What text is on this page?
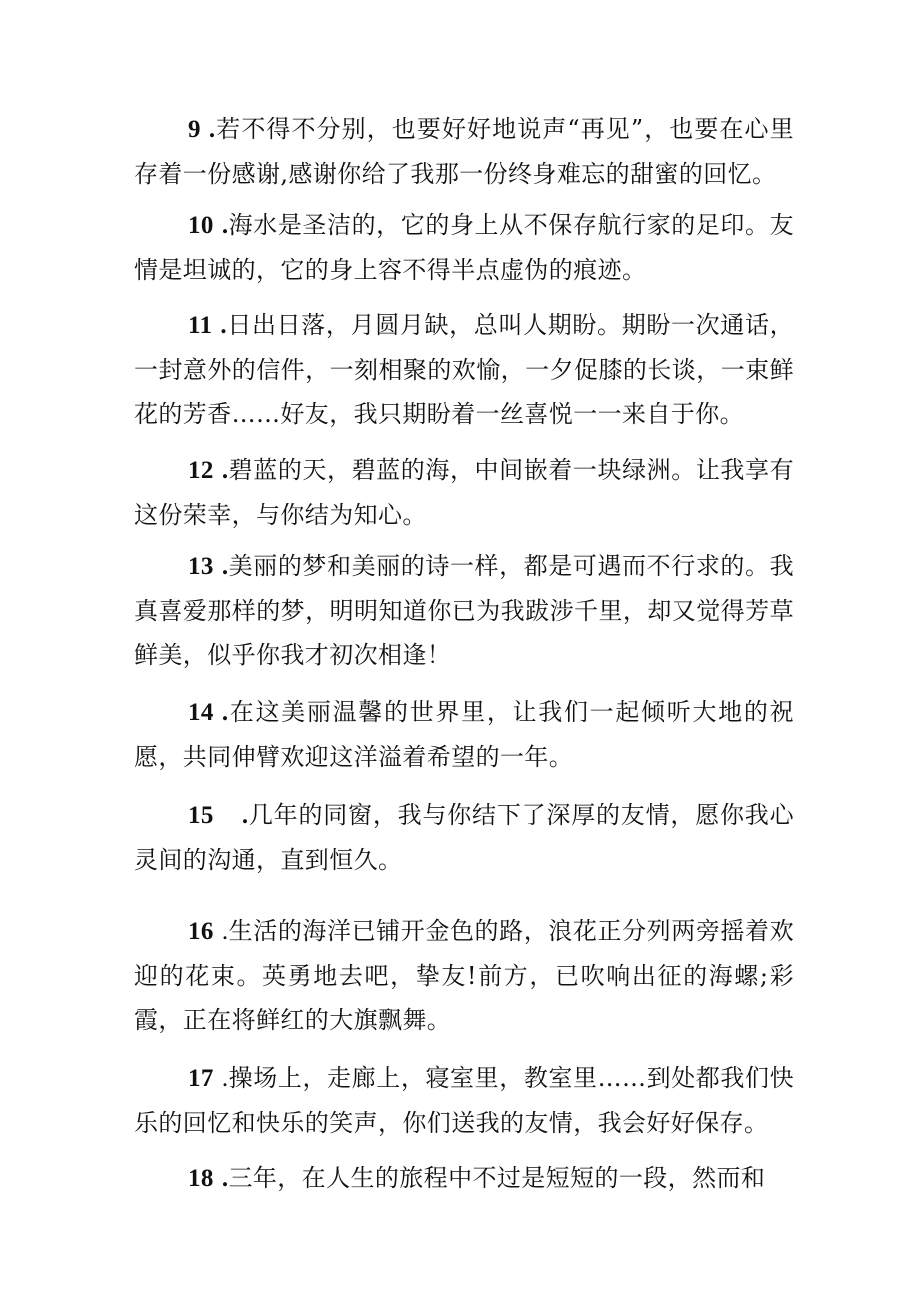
9 .若不得不分别，也要好好地说声“再见”，也要在心里存着一份感谢,感谢你给了我那一份终身难忘的甜蜜的回忆。

10 .海水是圣洁的，它的身上从不保存航行家的足印。友情是坦诚的，它的身上容不得半点虚伪的痕迹。

11 .日出日落，月圆月缺，总叫人期盼。期盼一次通话，一封意外的信件，一刻相聚的欢愉，一夕促膝的长谈，一束鲜花的芳香……好友，我只期盼着一丝喜悦一一来自于你。

12 .碧蓝的天，碧蓝的海，中间嵌着一块绿洲。让我享有这份荣幸，与你结为知心。

13 .美丽的梦和美丽的诗一样，都是可遇而不行求的。我真喜爱那样的梦，明明知道你已为我跋涉千里，却又觉得芳草鲜美，似乎你我才初次相逢！

14 .在这美丽温馨的世界里，让我们一起倾听大地的祝愿，共同伸臂欢迎这洋溢着希望的一年。

15 .几年的同窗，我与你结下了深厚的友情，愿你我心灵间的沟通，直到恒久。

16 .生活的海洋已铺开金色的路，浪花正分列两旁摇着欢迎的花束。英勇地去吧，挚友!前方，已吹响出征的海螺;彩霞，正在将鲜红的大旗飘舞。

17 .操场上，走廊上，寝室里，教室里……到处都我们快乐的回忆和快乐的笑声，你们送我的友情，我会好好保存。

18 .三年，在人生的旅程中不过是短短的一段，然而和
